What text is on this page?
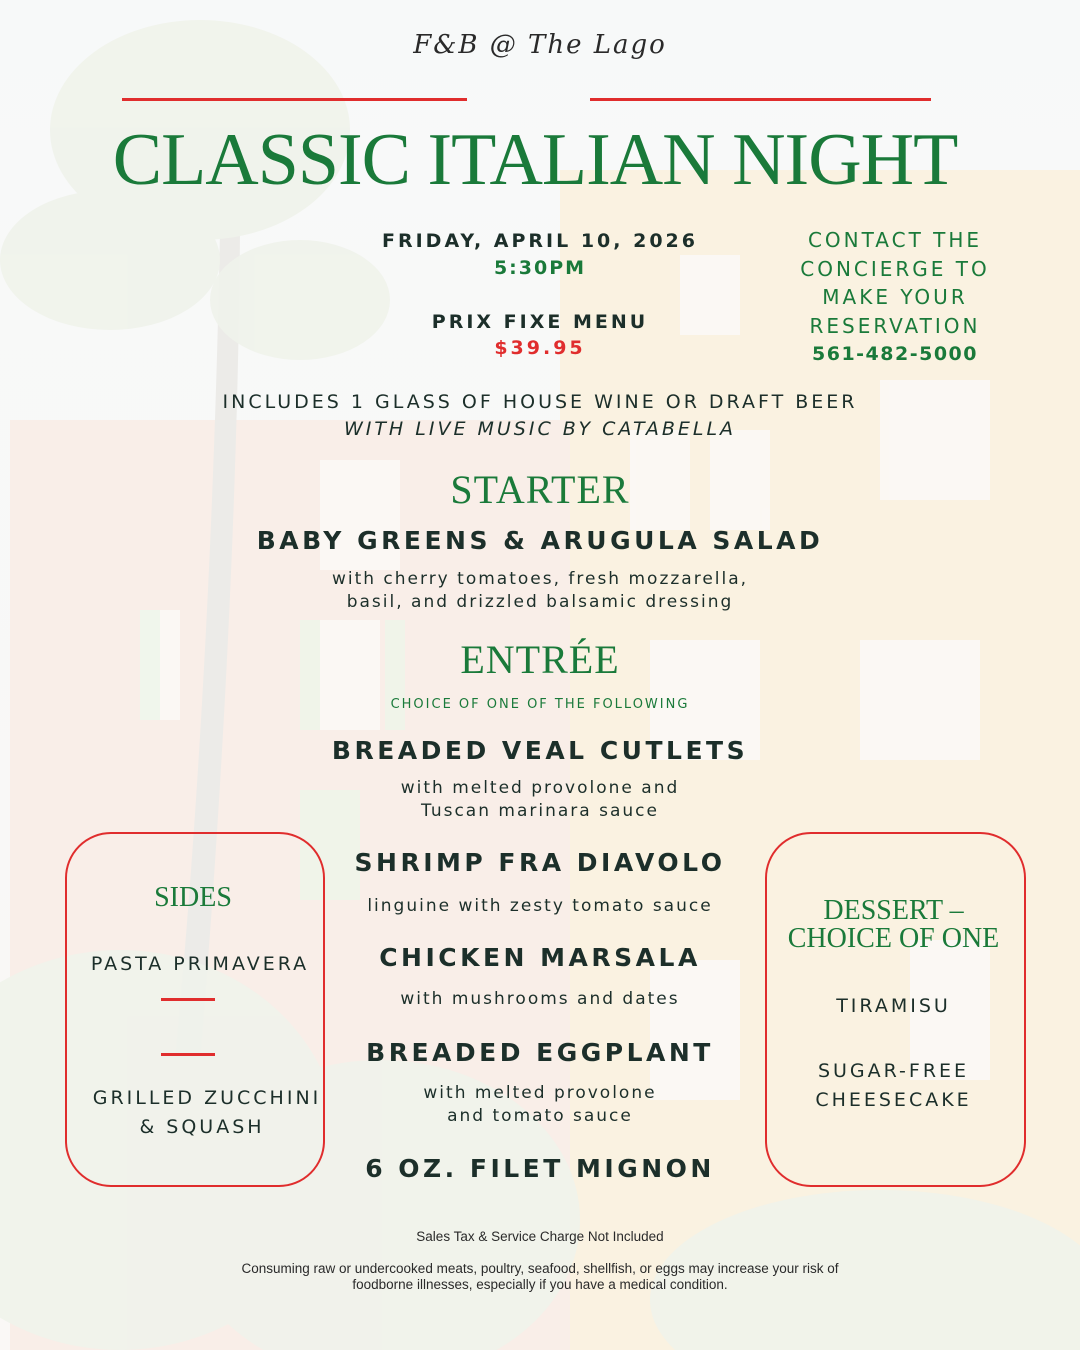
F&B @ The Lago
CLASSIC ITALIAN NIGHT
FRIDAY, APRIL 10, 2026
5:30PM
PRIX FIXE MENU
$39.95
CONTACT THE
CONCIERGE TO
MAKE YOUR
RESERVATION
561-482-5000
INCLUDES 1 GLASS OF HOUSE WINE OR DRAFT BEER
WITH LIVE MUSIC BY CATABELLA
STARTER
BABY GREENS & ARUGULA SALAD
with cherry tomatoes, fresh mozzarella,
basil, and drizzled balsamic dressing
ENTRÉE
CHOICE OF ONE OF THE FOLLOWING
BREADED VEAL CUTLETS
with melted provolone and
Tuscan marinara sauce
SHRIMP FRA DIAVOLO
linguine with zesty tomato sauce
CHICKEN MARSALA
with mushrooms and dates
BREADED EGGPLANT
with melted provolone
and tomato sauce
6 OZ. FILET MIGNON
SIDES
PASTA PRIMAVERA
GRILLED ZUCCHINI
& SQUASH
DESSERT –
CHOICE OF ONE
TIRAMISU
SUGAR-FREE
CHEESECAKE
Sales Tax & Service Charge Not Included
Consuming raw or undercooked meats, poultry, seafood, shellfish, or eggs may increase your risk of
foodborne illnesses, especially if you have a medical condition.
